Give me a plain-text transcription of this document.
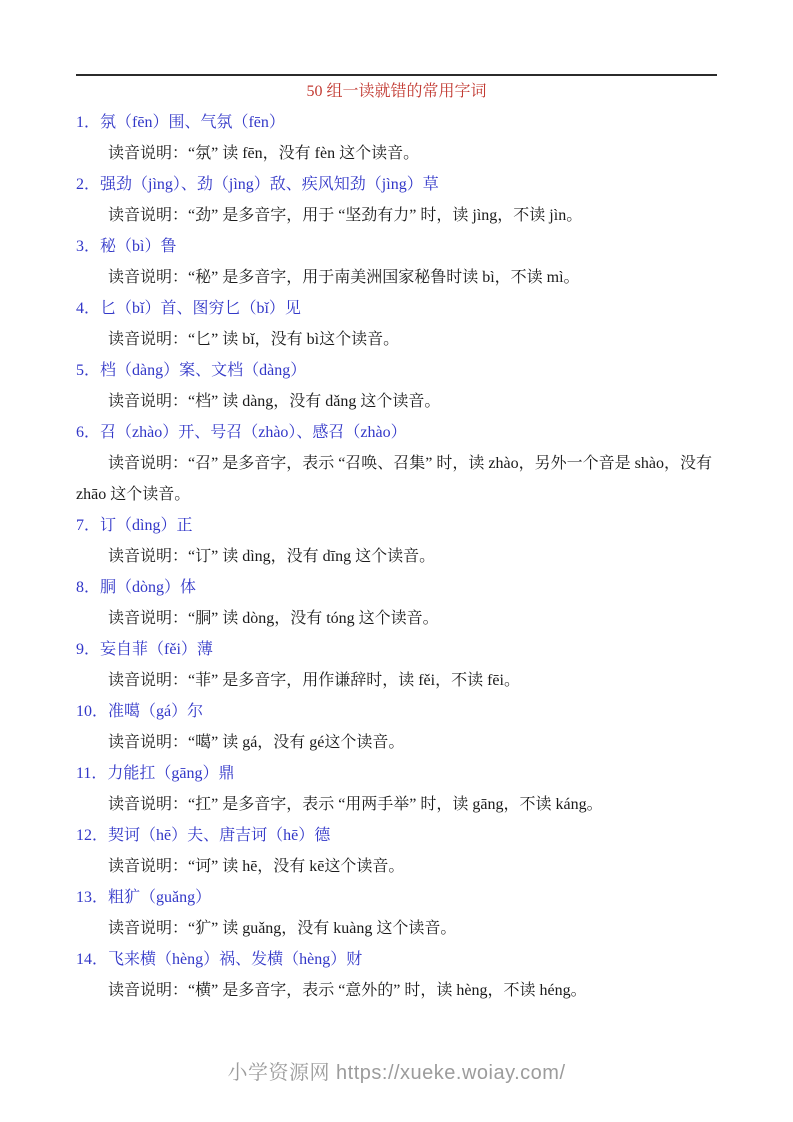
50 组一读就错的常用字词

1．氛（fēn）围、气氛（fēn）

读音说明：“氛” 读 fēn，没有 fèn 这个读音。

2．强劲（jìng）、劲（jìng）敌、疾风知劲（jìng）草

读音说明：“劲” 是多音字，用于 “坚劲有力” 时，读 jìng，不读 jìn。

3．秘（bì）鲁

读音说明：“秘” 是多音字，用于南美洲国家秘鲁时读 bì，不读 mì。

4．匕（bǐ）首、图穷匕（bǐ）见

读音说明：“匕” 读 bǐ，没有 bì这个读音。

5．档（dàng）案、文档（dàng）

读音说明：“档” 读 dàng，没有 dǎng 这个读音。

6．召（zhào）开、号召（zhào）、感召（zhào）

读音说明：“召” 是多音字，表示 “召唤、召集” 时，读 zhào，另外一个音是 shào，没有 zhāo 这个读音。

7．订（dìng）正

读音说明：“订” 读 dìng，没有 dīng 这个读音。

8．胴（dòng）体

读音说明：“胴” 读 dòng，没有 tóng 这个读音。

9．妄自菲（fěi）薄

读音说明：“菲” 是多音字，用作谦辞时，读 fěi，不读 fēi。

10．准噶（gá）尔

读音说明：“噶” 读 gá，没有 gé这个读音。

11．力能扛（gāng）鼎

读音说明：“扛” 是多音字，表示 “用两手举” 时，读 gāng，不读 káng。

12．契诃（hē）夫、唐吉诃（hē）德

读音说明：“诃” 读 hē，没有 kē这个读音。

13．粗犷（guǎng）

读音说明：“犷” 读 guǎng，没有 kuàng 这个读音。

14．飞来横（hèng）祸、发横（hèng）财

读音说明：“横” 是多音字，表示 “意外的” 时，读 hèng，不读 héng。

小学资源网 https://xueke.woiay.com/
